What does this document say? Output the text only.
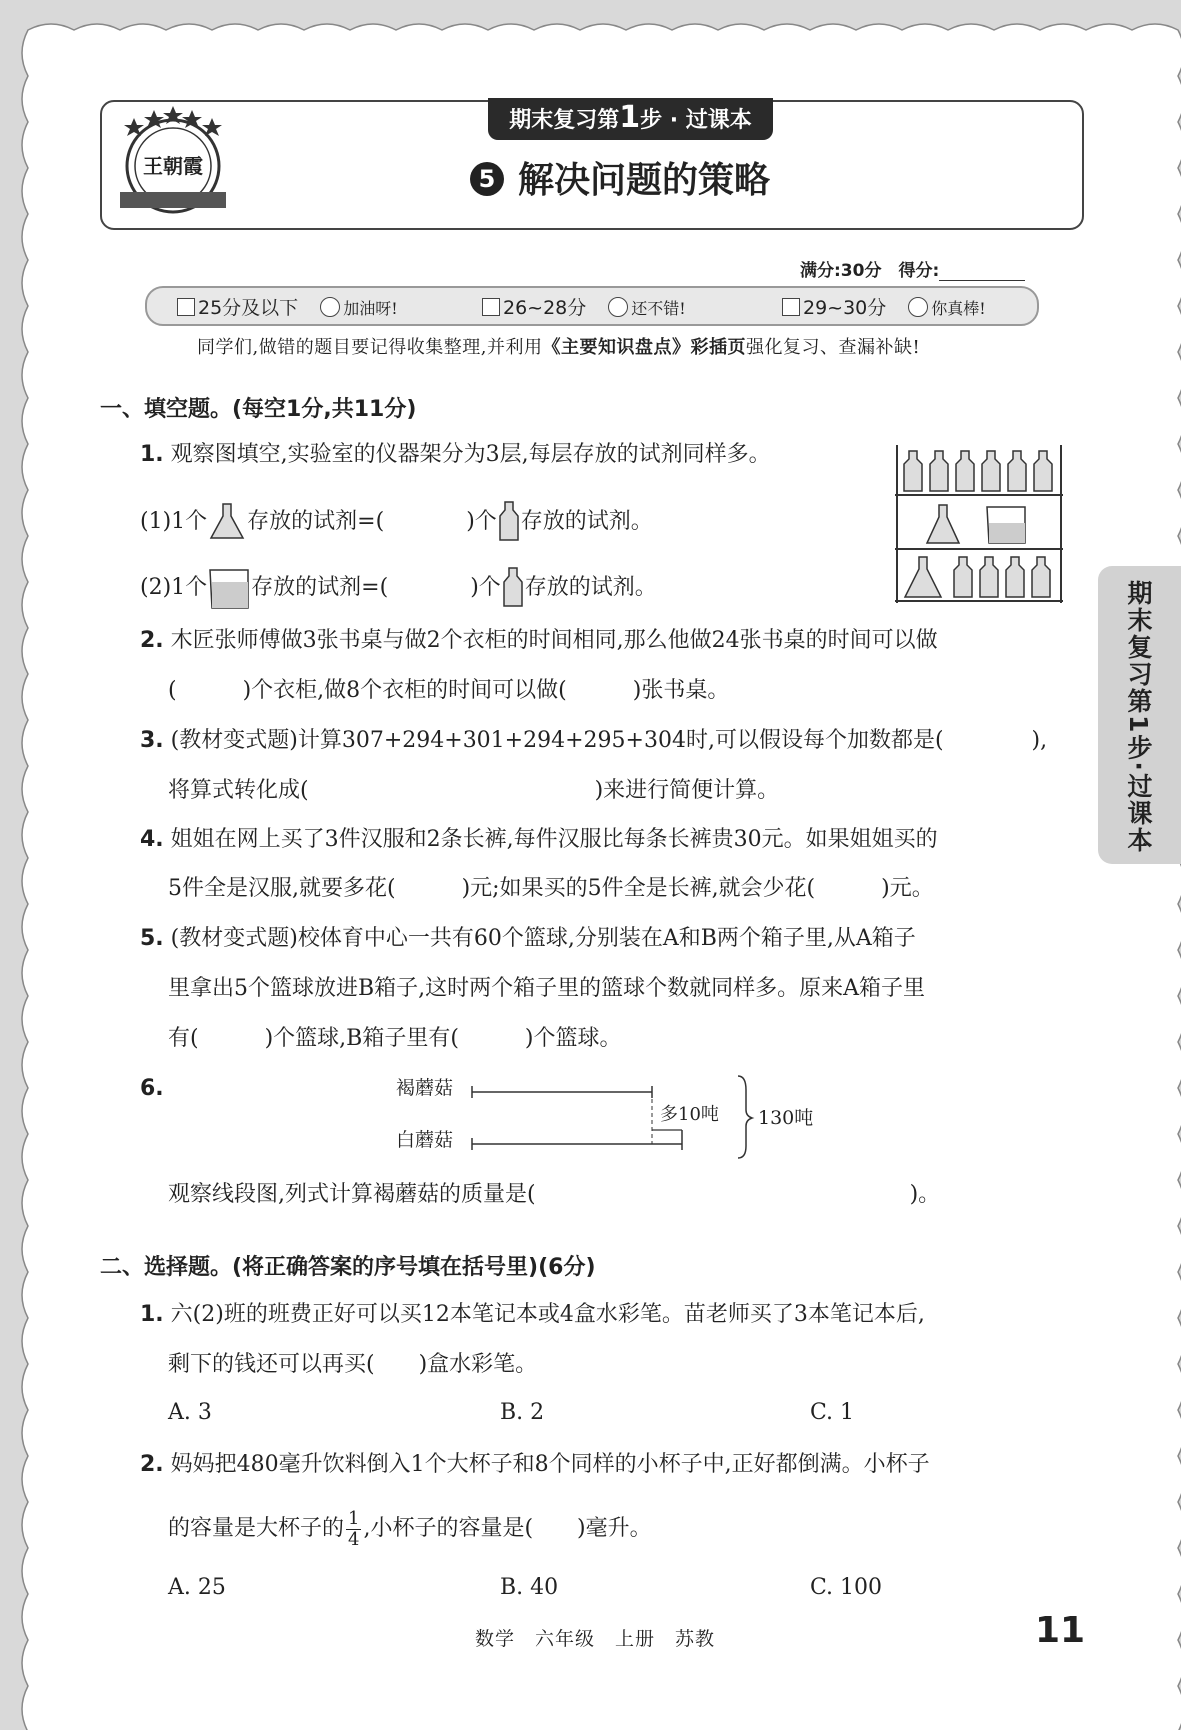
期末复习第1步 · 过课本
王朝霞	5 解决问题的策略
满分:30分　 得分:
25分及以下	加油呀!	26~28分	还不错!	29~30分	你真棒!
同学们,做错的题目要记得收集整理,并利用《主要知识盘点》彩插页强化复习、查漏补缺!
一、填空题。(每空1分,共11分)
1. 观察图填空,实验室的仪器架分为3层,每层存放的试剂同样多。
(1)1个 存放的试剂=(	)个 存放的试剂。
(2)1个 存放的试剂=(	)个 存放的试剂。
2. 木匠张师傅做3张书桌与做2个衣柜的时间相同,那么他做24张书桌的时间可以做
(　　　)个衣柜,做8个衣柜的时间可以做(　　　)张书桌。
3. (教材变式题)计算307+294+301+294+295+304时,可以假设每个加数都是(　　　　),
将算式转化成(　　　　　　　　　　　　　)来进行简便计算。
4. 姐姐在网上买了3件汉服和2条长裤,每件汉服比每条长裤贵30元。如果姐姐买的
5件全是汉服,就要多花(　　　)元;如果买的5件全是长裤,就会少花(　　　)元。
5. (教材变式题)校体育中心一共有60个篮球,分别装在A和B两个箱子里,从A箱子
里拿出5个篮球放进B箱子,这时两个箱子里的篮球个数就同样多。原来A箱子里
有(　　　)个篮球,B箱子里有(　　　)个篮球。
6.	褐蘑菇
白蘑菇
多10吨 130吨
观察线段图,列式计算褐蘑菇的质量是(　　　　　　　　　　　　　　　　　)。
二、选择题。(将正确答案的序号填在括号里)(6分)
1. 六(2)班的班费正好可以买12本笔记本或4盒水彩笔。苗老师买了3本笔记本后,
剩下的钱还可以再买(　　)盒水彩笔。
A. 3	B. 2	C. 1
2. 妈妈把480毫升饮料倒入1个大杯子和8个同样的小杯子中,正好都倒满。小杯子
的容量是大杯子的 $\frac{1}{4}$ ,小杯子的容量是(　　)毫升。
A. 25	B. 40	C. 100
期末复习第1步·过课本
数学　六年级　上册　苏教	11
